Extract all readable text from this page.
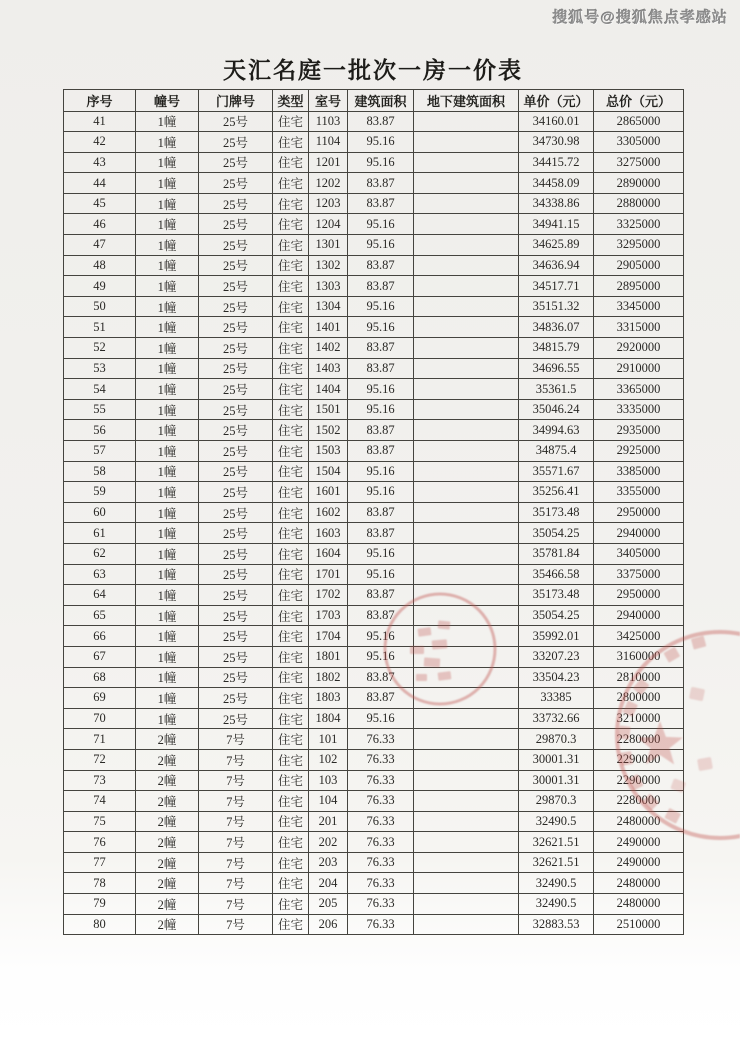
搜狐号@搜狐焦点孝感站
天汇名庭一批次一房一价表
序号	幢号	门牌号	类型	室号	建筑面积	地下建筑面积	单价（元）	总价（元）
41	1幢	25号	住宅	1103	83.87		34160.01	2865000
42	1幢	25号	住宅	1104	95.16		34730.98	3305000
43	1幢	25号	住宅	1201	95.16		34415.72	3275000
44	1幢	25号	住宅	1202	83.87		34458.09	2890000
45	1幢	25号	住宅	1203	83.87		34338.86	2880000
46	1幢	25号	住宅	1204	95.16		34941.15	3325000
47	1幢	25号	住宅	1301	95.16		34625.89	3295000
48	1幢	25号	住宅	1302	83.87		34636.94	2905000
49	1幢	25号	住宅	1303	83.87		34517.71	2895000
50	1幢	25号	住宅	1304	95.16		35151.32	3345000
51	1幢	25号	住宅	1401	95.16		34836.07	3315000
52	1幢	25号	住宅	1402	83.87		34815.79	2920000
53	1幢	25号	住宅	1403	83.87		34696.55	2910000
54	1幢	25号	住宅	1404	95.16		35361.5	3365000
55	1幢	25号	住宅	1501	95.16		35046.24	3335000
56	1幢	25号	住宅	1502	83.87		34994.63	2935000
57	1幢	25号	住宅	1503	83.87		34875.4	2925000
58	1幢	25号	住宅	1504	95.16		35571.67	3385000
59	1幢	25号	住宅	1601	95.16		35256.41	3355000
60	1幢	25号	住宅	1602	83.87		35173.48	2950000
61	1幢	25号	住宅	1603	83.87		35054.25	2940000
62	1幢	25号	住宅	1604	95.16		35781.84	3405000
63	1幢	25号	住宅	1701	95.16		35466.58	3375000
64	1幢	25号	住宅	1702	83.87		35173.48	2950000
65	1幢	25号	住宅	1703	83.87		35054.25	2940000
66	1幢	25号	住宅	1704	95.16		35992.01	3425000
67	1幢	25号	住宅	1801	95.16		33207.23	3160000
68	1幢	25号	住宅	1802	83.87		33504.23	2810000
69	1幢	25号	住宅	1803	83.87		33385	2800000
70	1幢	25号	住宅	1804	95.16		33732.66	3210000
71	2幢	7号	住宅	101	76.33		29870.3	2280000
72	2幢	7号	住宅	102	76.33		30001.31	2290000
73	2幢	7号	住宅	103	76.33		30001.31	2290000
74	2幢	7号	住宅	104	76.33		29870.3	2280000
75	2幢	7号	住宅	201	76.33		32490.5	2480000
76	2幢	7号	住宅	202	76.33		32621.51	2490000
77	2幢	7号	住宅	203	76.33		32621.51	2490000
78	2幢	7号	住宅	204	76.33		32490.5	2480000
79	2幢	7号	住宅	205	76.33		32490.5	2480000
80	2幢	7号	住宅	206	76.33		32883.53	2510000
